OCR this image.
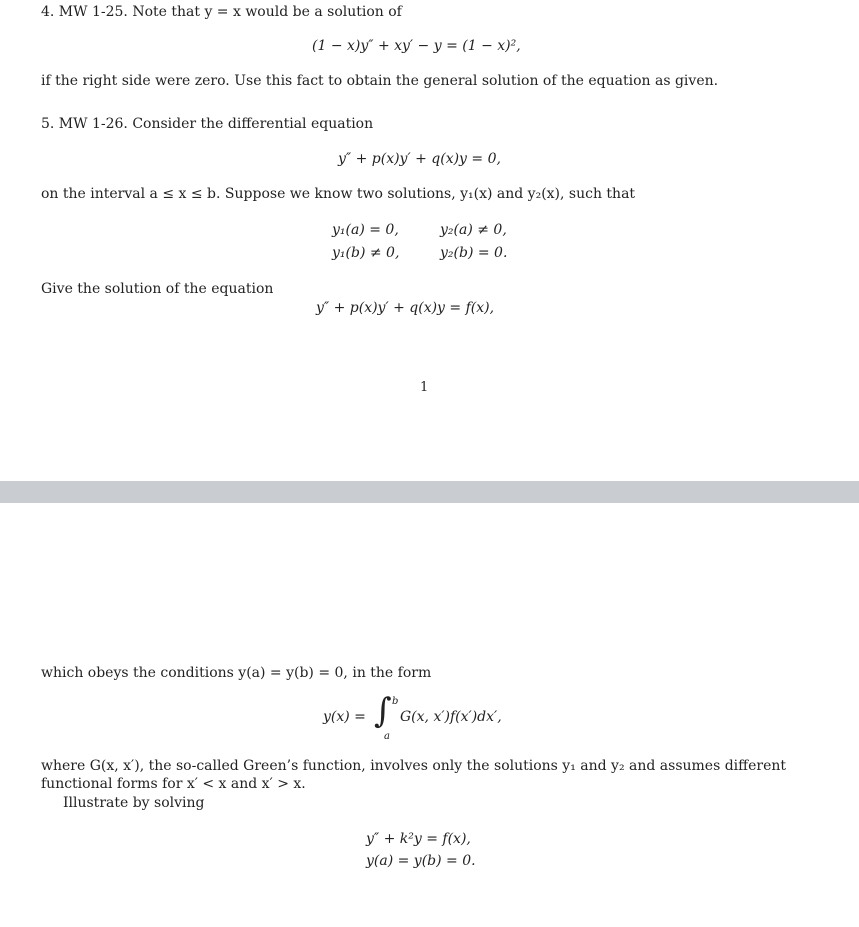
4. MW 1-25. Note that y = x would be a solution of
(1 − x)y″ + xy′ − y = (1 − x)²,
if the right side were zero. Use this fact to obtain the general solution of the equation as given.
5. MW 1-26. Consider the differential equation
y″ + p(x)y′ + q(x)y = 0,
on the interval a ≤ x ≤ b. Suppose we know two solutions, y₁(x) and y₂(x), such that
y₁(a) = 0,	y₂(a) ≠ 0,
y₁(b) ≠ 0,	y₂(b) = 0.
Give the solution of the equation
y″ + p(x)y′ + q(x)y = f(x),
1
which obeys the conditions y(a) = y(b) = 0, in the form
y(x) = ∫ b
a
G(x, x′)f(x′)dx′,
where G(x, x′), the so-called Green’s function, involves only the solutions y₁ and y₂ and assumes different
functional forms for x′ < x and x′ > x.
Illustrate by solving
y″ + k²y = f(x),
y(a) = y(b) = 0.
